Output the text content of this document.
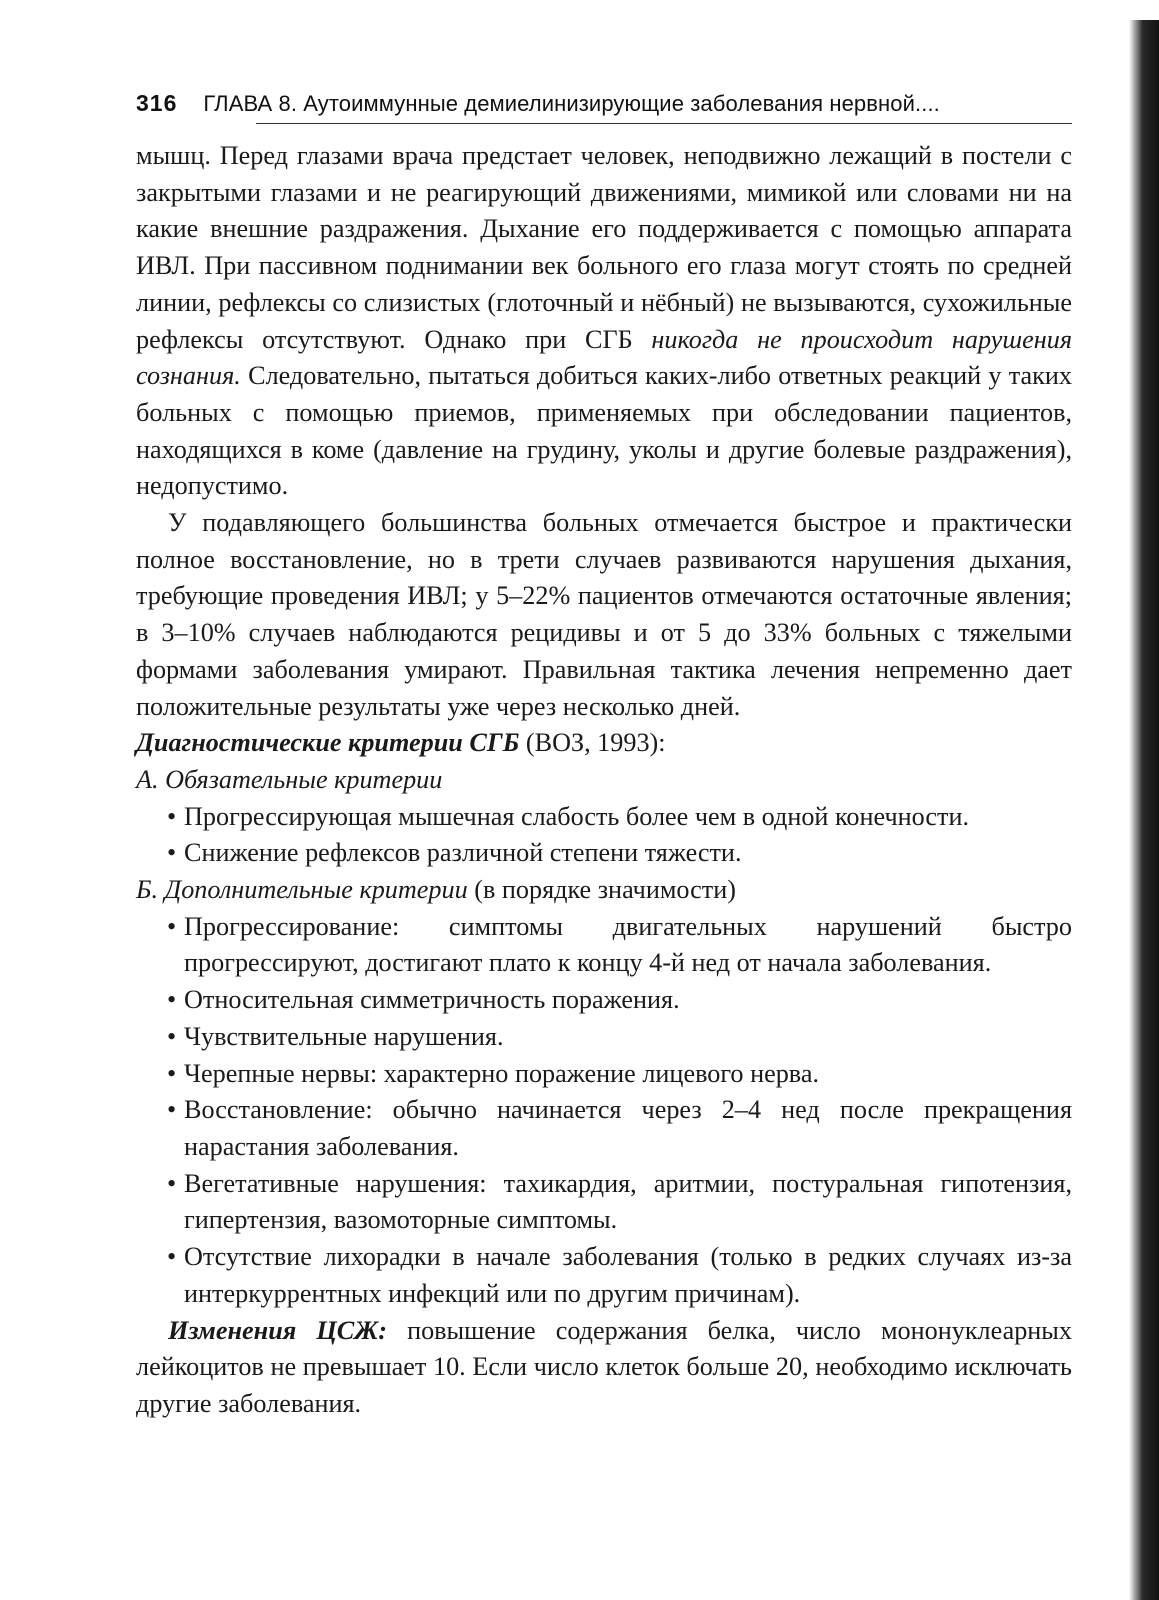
316 ГЛАВА 8. Аутоиммунные демиелинизирующие заболевания нервной....

мышц. Перед глазами врача предстает человек, неподвижно лежащий в постели с закрытыми глазами и не реагирующий движениями, мимикой или словами ни на какие внешние раздражения. Дыхание его поддерживается с помощью аппарата ИВЛ. При пассивном поднимании век больного его глаза могут стоять по средней линии, рефлексы со слизистых (глоточный и нёбный) не вызываются, сухожильные рефлексы отсутствуют. Однако при СГБ никогда не происходит нарушения сознания. Следовательно, пытаться добиться каких-либо ответных реакций у таких больных с помощью приемов, применяемых при обследовании пациентов, находящихся в коме (давление на грудину, уколы и другие болевые раздражения), недопустимо.

У подавляющего большинства больных отмечается быстрое и практически полное восстановление, но в трети случаев развиваются нарушения дыхания, требующие проведения ИВЛ; у 5–22% пациентов отмечаются остаточные явления; в 3–10% случаев наблюдаются рецидивы и от 5 до 33% больных с тяжелыми формами заболевания умирают. Правильная тактика лечения непременно дает положительные результаты уже через несколько дней.

Диагностические критерии СГБ (ВОЗ, 1993):

А. Обязательные критерии

• Прогрессирующая мышечная слабость более чем в одной конечности.
• Снижение рефлексов различной степени тяжести.

Б. Дополнительные критерии (в порядке значимости)

• Прогрессирование: симптомы двигательных нарушений быстро прогрессируют, достигают плато к концу 4-й нед от начала заболевания.
• Относительная симметричность поражения.
• Чувствительные нарушения.
• Черепные нервы: характерно поражение лицевого нерва.
• Восстановление: обычно начинается через 2–4 нед после прекращения нарастания заболевания.
• Вегетативные нарушения: тахикардия, аритмии, постуральная гипотензия, гипертензия, вазомоторные симптомы.
• Отсутствие лихорадки в начале заболевания (только в редких случаях из-за интеркуррентных инфекций или по другим причинам).

Изменения ЦСЖ: повышение содержания белка, число мононуклеарных лейкоцитов не превышает 10. Если число клеток больше 20, необходимо исключать другие заболевания.
